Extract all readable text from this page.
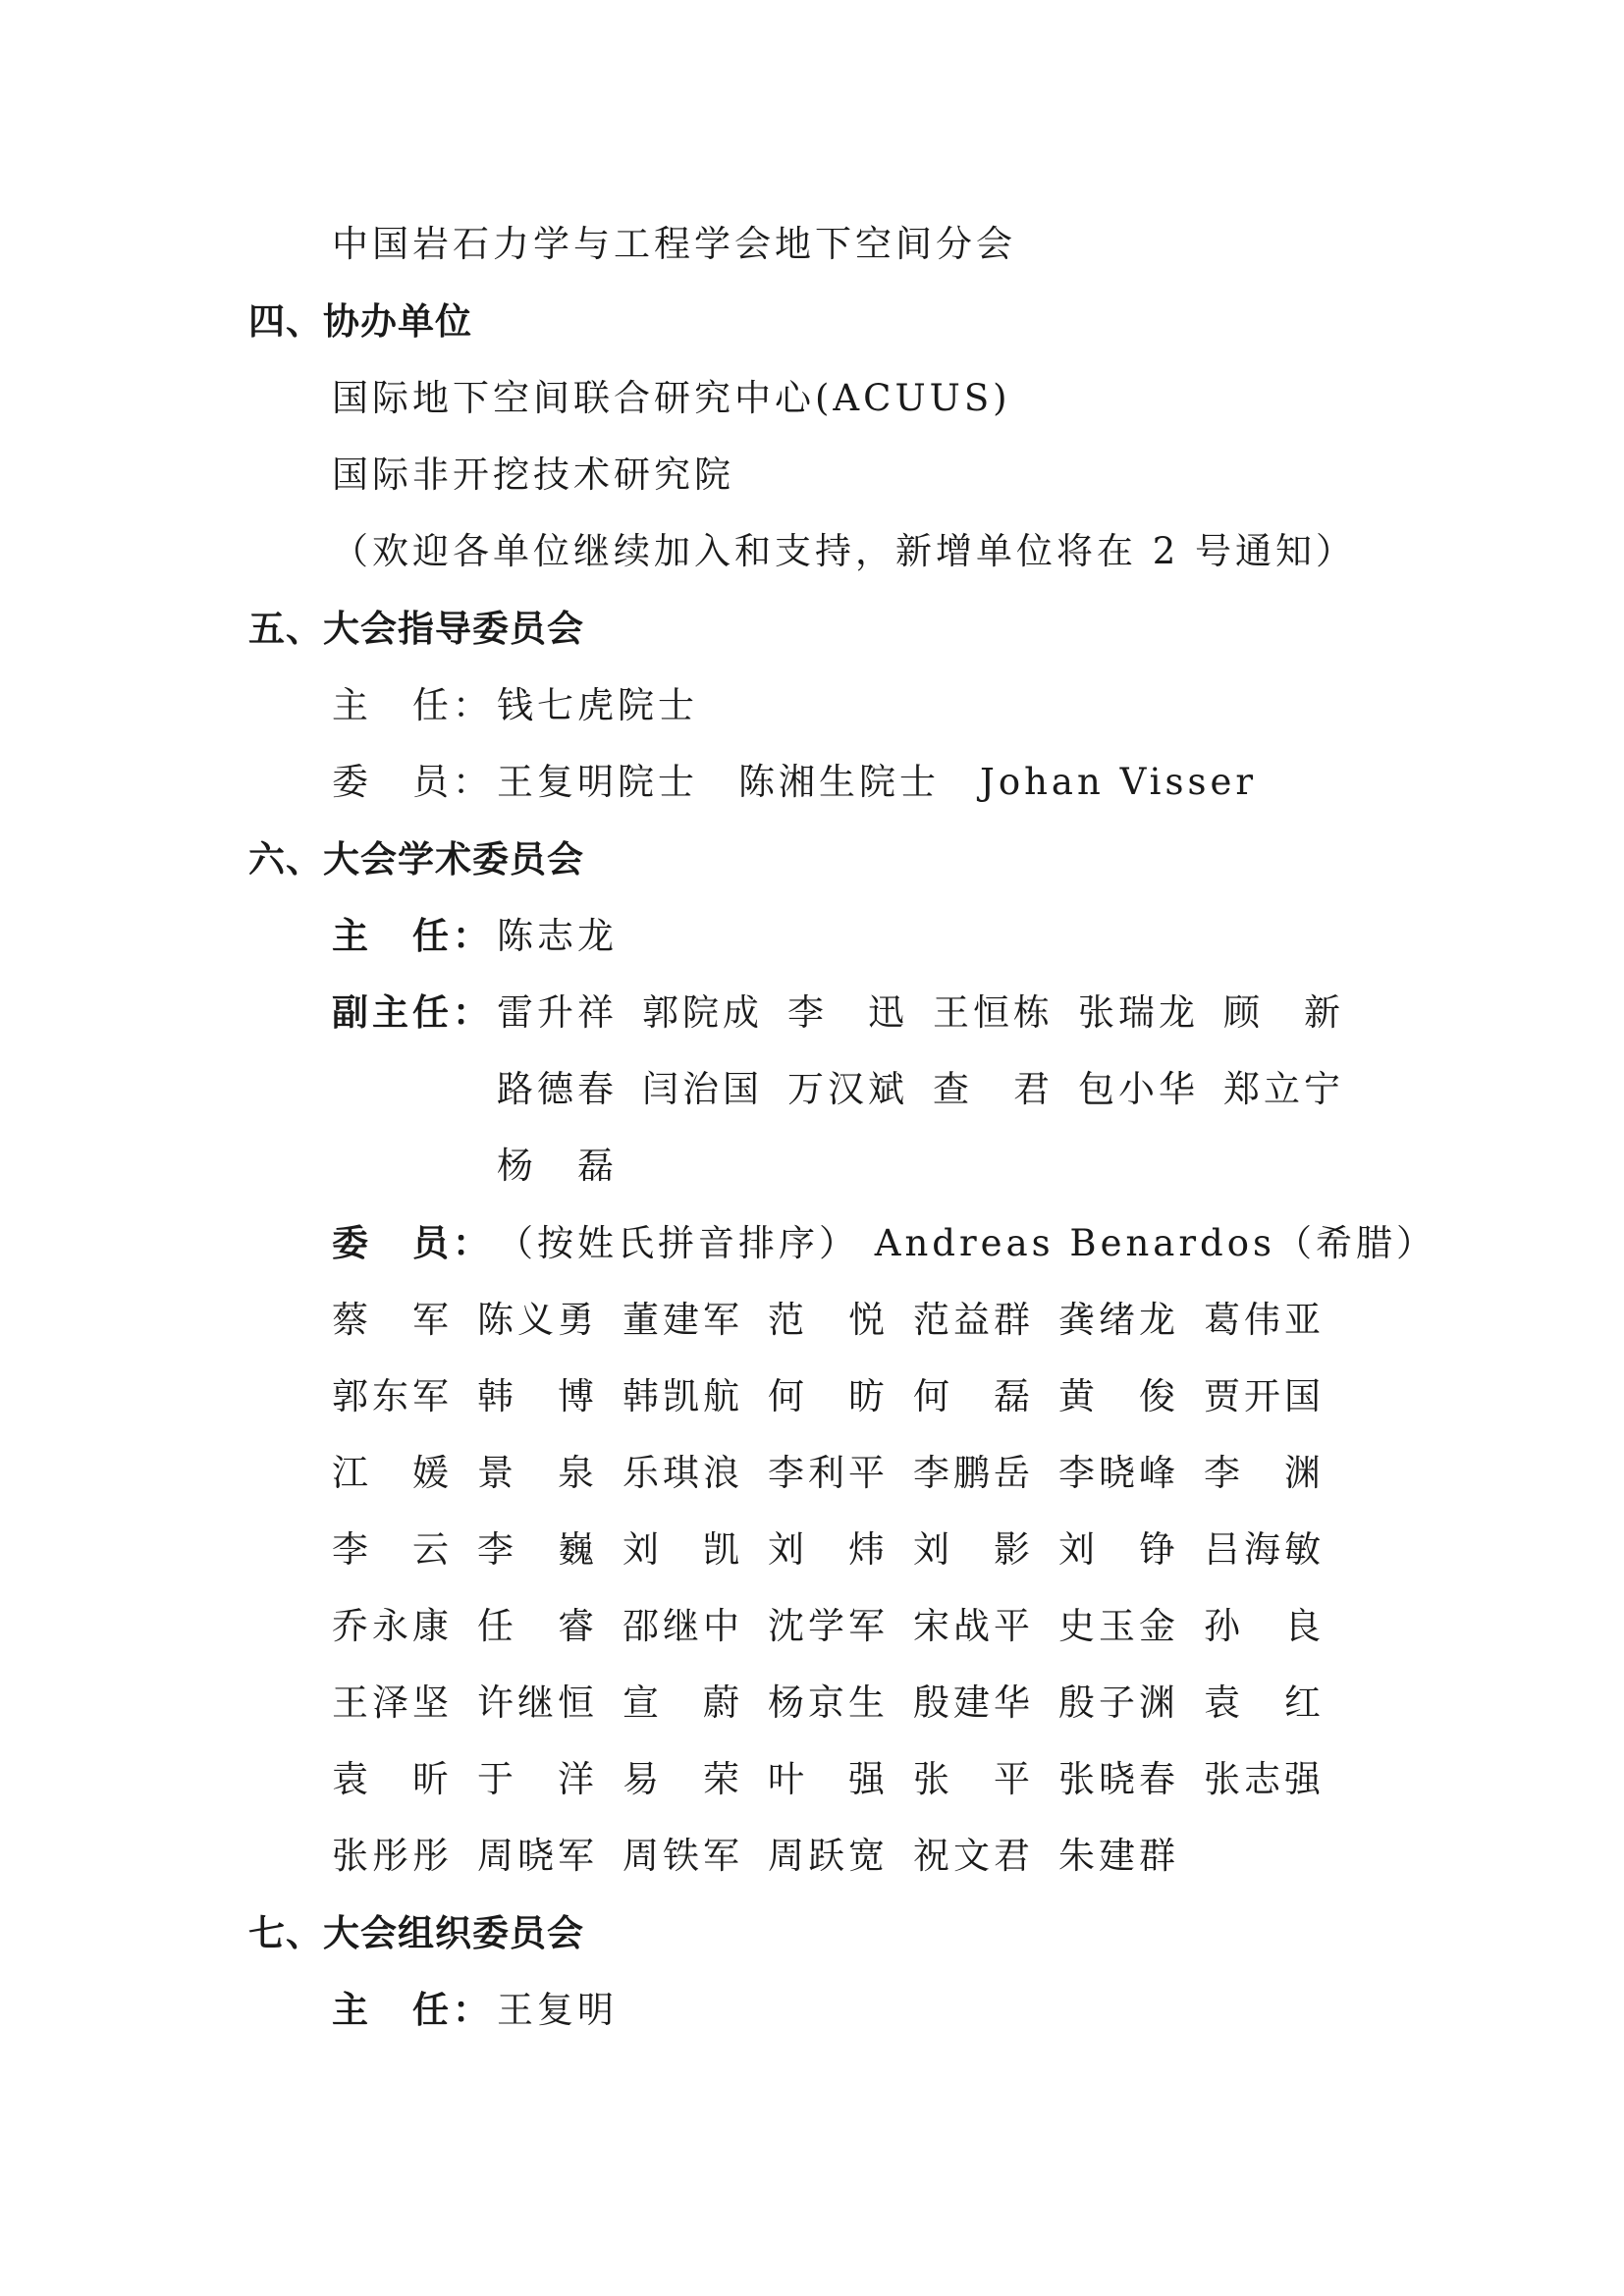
中国岩石力学与工程学会地下空间分会
四、协办单位
国际地下空间联合研究中心(ACUUS)
国际非开挖技术研究院
（欢迎各单位继续加入和支持，新增单位将在 2 号通知）
五、大会指导委员会
主　任： 钱七虎院士
委　员： 王复明院士　陈湘生院士　Johan Visser
六、大会学术委员会
主　任： 陈志龙
副主任： 雷升祥 郭院成 李　迅 王恒栋 张瑞龙 顾　新
路德春 闫治国 万汉斌 查　君 包小华 郑立宁
杨　磊
委　员： （按姓氏拼音排序） Andreas Benardos（希腊）
蔡　军 陈义勇 董建军 范　悦 范益群 龚绪龙 葛伟亚
郭东军 韩　博 韩凯航 何　昉 何　磊 黄　俊 贾开国
江　媛 景　泉 乐琪浪 李利平 李鹏岳 李晓峰 李　渊
李　云 李　巍 刘　凯 刘　炜 刘　影 刘　铮 吕海敏
乔永康 任　睿 邵继中 沈学军 宋战平 史玉金 孙　良
王泽坚 许继恒 宣　蔚 杨京生 殷建华 殷子渊 袁　红
袁　昕 于　洋 易　荣 叶　强 张　平 张晓春 张志强
张彤彤 周晓军 周铁军 周跃宽 祝文君 朱建群
七、大会组织委员会
主　任： 王复明
